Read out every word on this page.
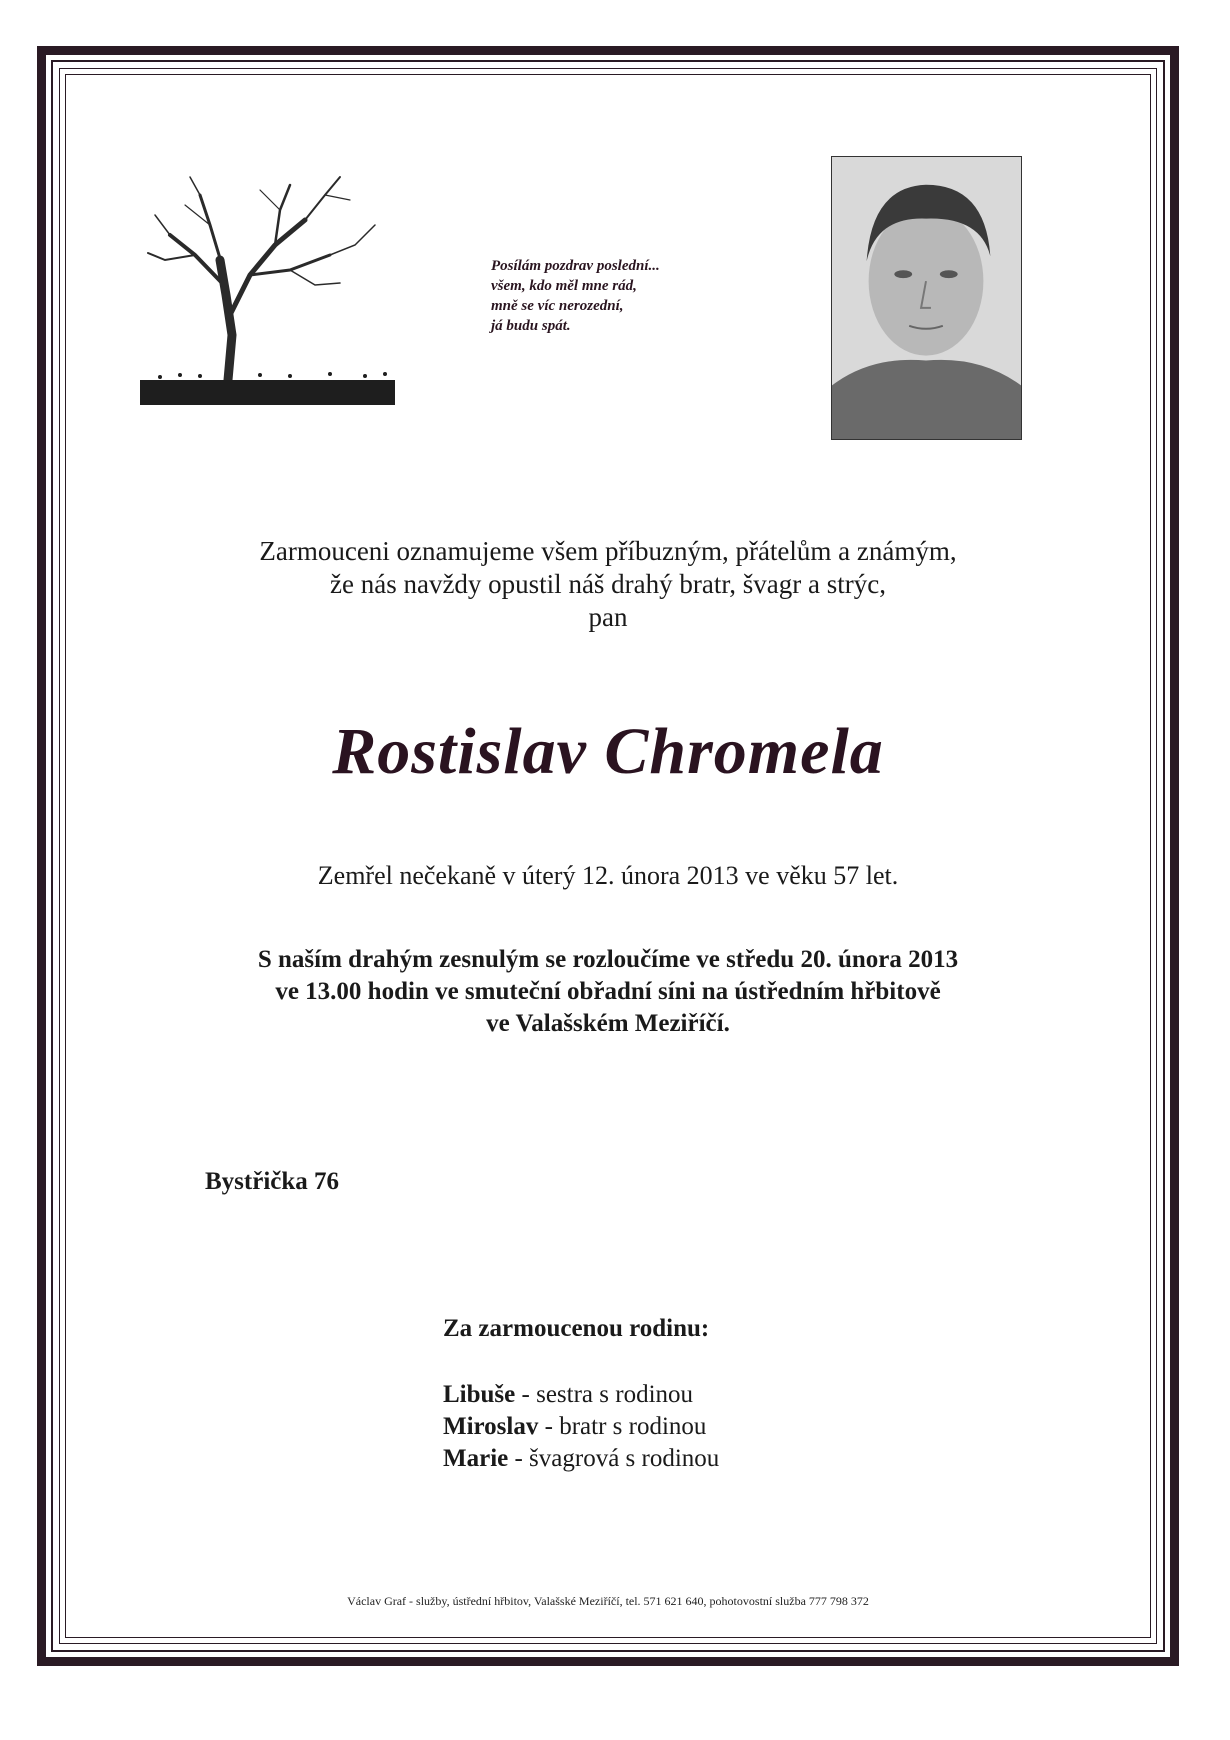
Posílám pozdrav poslední...
všem, kdo měl mne rád,
mně se víc nerozední,
já budu spát.
Zarmouceni oznamujeme všem příbuzným, přátelům a známým,
že nás navždy opustil náš drahý bratr, švagr a strýc,
pan
Rostislav Chromela
Zemřel nečekaně v úterý 12. února 2013 ve věku 57 let.
S naším drahým zesnulým se rozloučíme ve středu 20. února 2013
ve 13.00 hodin ve smuteční obřadní síni na ústředním hřbitově
ve Valašském Meziříčí.
Bystřička 76
Za zarmoucenou rodinu:
Libuše - sestra s rodinou
Miroslav - bratr s rodinou
Marie - švagrová s rodinou
Václav Graf - služby, ústřední hřbitov, Valašské Meziříčí, tel. 571 621 640, pohotovostní služba 777 798 372
